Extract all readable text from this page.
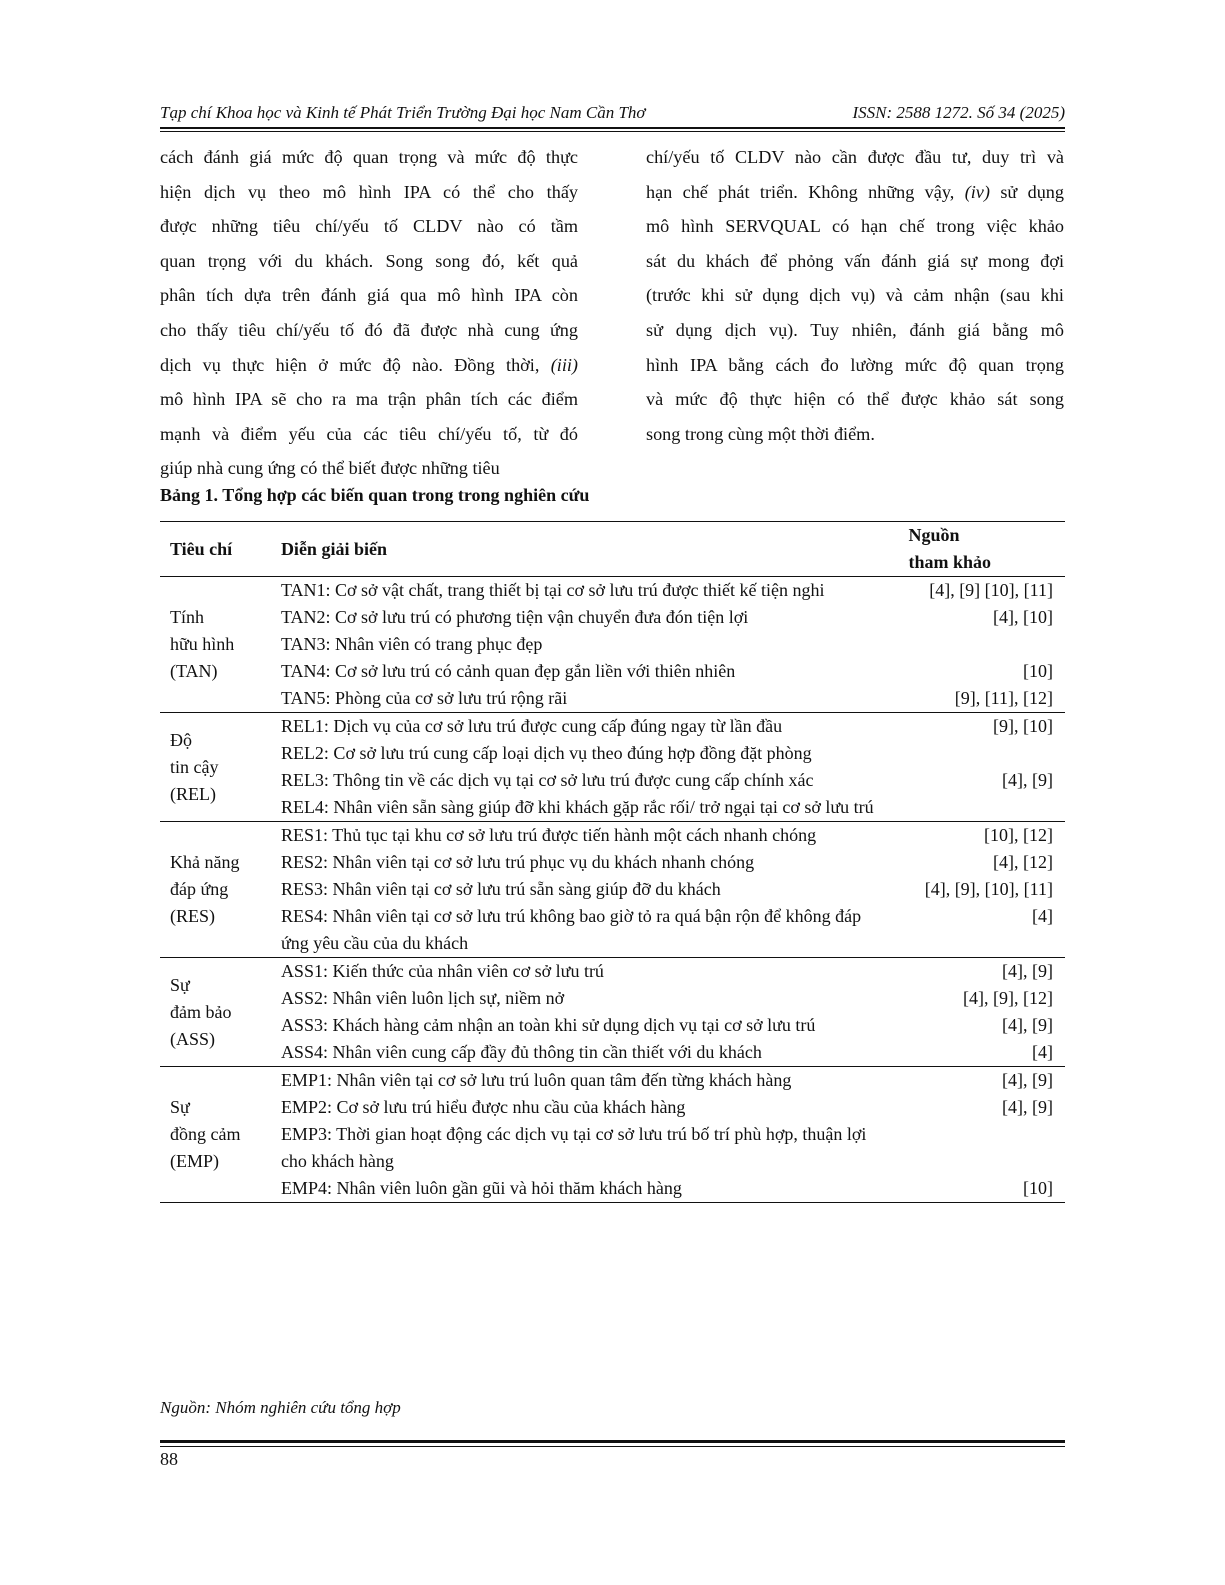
Tạp chí Khoa học và Kinh tế Phát Triển Trường Đại học Nam Cần Thơ	ISSN: 2588 1272. Số 34 (2025)

cách đánh giá mức độ quan trọng và mức độ thực

hiện dịch vụ theo mô hình IPA có thể cho thấy

được những tiêu chí/yếu tố CLDV nào có tầm

quan trọng với du khách. Song song đó, kết quả

phân tích dựa trên đánh giá qua mô hình IPA còn

cho thấy tiêu chí/yếu tố đó đã được nhà cung ứng

dịch vụ thực hiện ở mức độ nào. Đồng thời, (iii)

mô hình IPA sẽ cho ra ma trận phân tích các điểm

mạnh và điểm yếu của các tiêu chí/yếu tố, từ đó

giúp nhà cung ứng có thể biết được những tiêu

chí/yếu tố CLDV nào cần được đầu tư, duy trì và

hạn chế phát triển. Không những vậy, (iv) sử dụng

mô hình SERVQUAL có hạn chế trong việc khảo

sát du khách để phỏng vấn đánh giá sự mong đợi

(trước khi sử dụng dịch vụ) và cảm nhận (sau khi

sử dụng dịch vụ). Tuy nhiên, đánh giá bằng mô

hình IPA bằng cách đo lường mức độ quan trọng

và mức độ thực hiện có thể được khảo sát song

song trong cùng một thời điểm.

Bảng 1. Tổng hợp các biến quan trong trong nghiên cứu
Tiêu chí	Diễn giải biến	Nguồn
tham khảo

Tính
hữu hình
(TAN)	TAN1: Cơ sở vật chất, trang thiết bị tại cơ sở lưu trú được thiết kế tiện nghi	[4], [9] [10], [11]
	TAN2: Cơ sở lưu trú có phương tiện vận chuyển đưa đón tiện lợi	[4], [10]
	TAN3: Nhân viên có trang phục đẹp	
	TAN4: Cơ sở lưu trú có cảnh quan đẹp gắn liền với thiên nhiên	[10]
	TAN5: Phòng của cơ sở lưu trú rộng rãi	[9], [11], [12]

Độ
tin cậy
(REL)	REL1: Dịch vụ của cơ sở lưu trú được cung cấp đúng ngay từ lần đầu	[9], [10]
	REL2: Cơ sở lưu trú cung cấp loại dịch vụ theo đúng hợp đồng đặt phòng	
	REL3: Thông tin về các dịch vụ tại cơ sở lưu trú được cung cấp chính xác	[4], [9]
	REL4: Nhân viên sẵn sàng giúp đỡ khi khách gặp rắc rối/ trở ngại tại cơ sở lưu trú	

Khả năng
đáp ứng
(RES)	RES1: Thủ tục tại khu cơ sở lưu trú được tiến hành một cách nhanh chóng	[10], [12]
	RES2: Nhân viên tại cơ sở lưu trú phục vụ du khách nhanh chóng	[4], [12]
	RES3: Nhân viên tại cơ sở lưu trú sẵn sàng giúp đỡ du khách	[4], [9], [10], [11]
	RES4: Nhân viên tại cơ sở lưu trú không bao giờ tỏ ra quá bận rộn để không đáp ứng yêu cầu của du khách	[4]

Sự
đảm bảo
(ASS)	ASS1: Kiến thức của nhân viên cơ sở lưu trú	[4], [9]
	ASS2: Nhân viên luôn lịch sự, niềm nở	[4], [9], [12]
	ASS3: Khách hàng cảm nhận an toàn khi sử dụng dịch vụ tại cơ sở lưu trú	[4], [9]
	ASS4: Nhân viên cung cấp đầy đủ thông tin cần thiết với du khách	[4]

Sự
đồng cảm
(EMP)	EMP1: Nhân viên tại cơ sở lưu trú luôn quan tâm đến từng khách hàng	[4], [9]
	EMP2: Cơ sở lưu trú hiểu được nhu cầu của khách hàng	[4], [9]
	EMP3: Thời gian hoạt động các dịch vụ tại cơ sở lưu trú bố trí phù hợp, thuận lợi cho khách hàng	
	EMP4: Nhân viên luôn gần gũi và hỏi thăm khách hàng	[10]
Nguồn: Nhóm nghiên cứu tổng hợp
88
